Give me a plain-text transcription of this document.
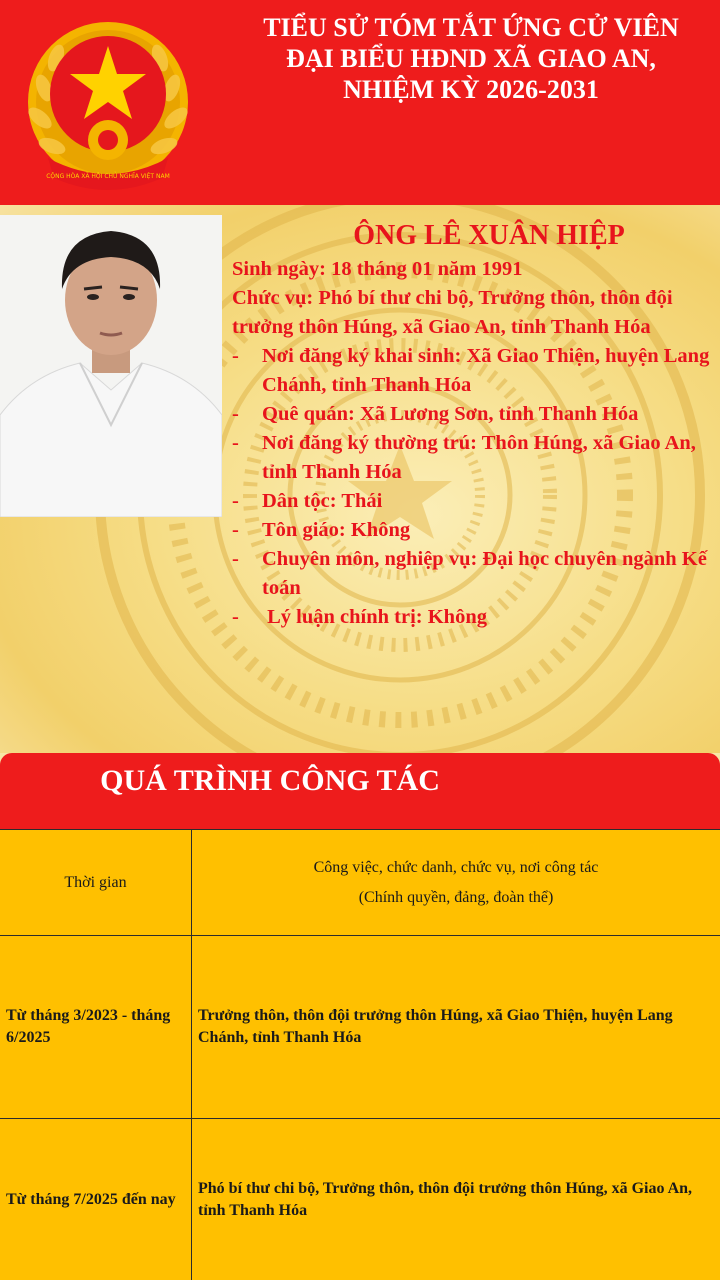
CỘNG HÒA XÃ HỘI CHỦ NGHĨA VIỆT NAM
TIỂU SỬ TÓM TẮT ỨNG CỬ VIÊN
ĐẠI BIỂU HĐND XÃ GIAO AN,
NHIỆM KỲ 2026-2031
ÔNG LÊ XUÂN HIỆP
Sinh ngày: 18 tháng 01 năm 1991
Chức vụ: Phó bí thư chi bộ, Trưởng thôn, thôn đội trưởng thôn Húng, xã Giao An, tỉnh Thanh Hóa
- Nơi đăng ký khai sinh: Xã Giao Thiện, huyện Lang Chánh, tỉnh Thanh Hóa
- Quê quán: Xã Lương Sơn, tỉnh Thanh Hóa
- Nơi đăng ký thường trú: Thôn Húng, xã Giao An, tỉnh Thanh Hóa
- Dân tộc: Thái
- Tôn giáo: Không
- Chuyên môn, nghiệp vụ: Đại học chuyên ngành Kế toán
-  Lý luận chính trị: Không
QUÁ TRÌNH CÔNG TÁC
Thời gian
Công việc, chức danh, chức vụ, nơi công tác
(Chính quyền, đảng, đoàn thể)
Từ tháng 3/2023 - tháng 6/2025
Trưởng thôn, thôn đội trưởng thôn Húng, xã Giao Thiện, huyện Lang Chánh, tỉnh Thanh Hóa
Từ tháng 7/2025 đến nay
Phó bí thư chi bộ, Trưởng thôn, thôn đội trưởng thôn Húng, xã Giao An, tỉnh Thanh Hóa
